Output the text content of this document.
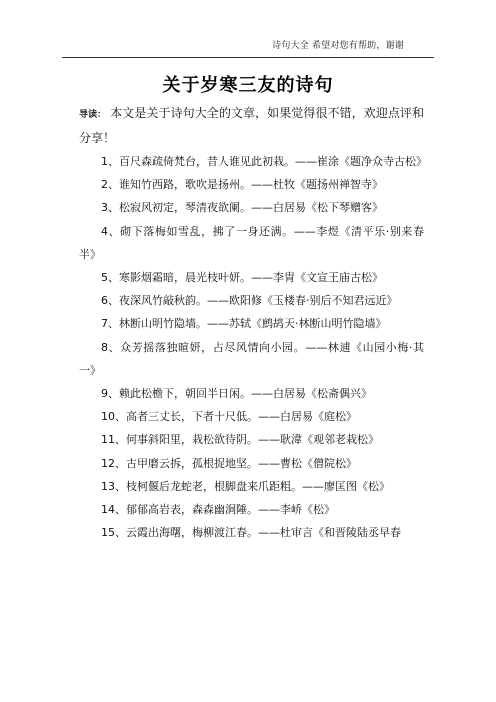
诗句大全 希望对您有帮助，谢谢
关于岁寒三友的诗句

导读： 本文是关于诗句大全的文章，如果觉得很不错，欢迎点评和分享！

1、百尺森疏倚梵台，昔人谁见此初栽。——崔涂《题净众寺古松》

2、谁知竹西路，歌吹是扬州。——杜牧《题扬州禅智寺》

3、松寂风初定，琴清夜欲阑。——白居易《松下琴赠客》

4、砌下落梅如雪乱，拂了一身还满。——李煜《清平乐·别来春半》

5、寒影烟霜暗，晨光枝叶妍。——李胄《文宣王庙古松》

6、夜深风竹敲秋韵。——欧阳修《玉楼春·别后不知君远近》

7、林断山明竹隐墙。——苏轼《鹧鸪天·林断山明竹隐墙》

8、众芳摇落独暄妍，占尽风情向小园。——林逋《山园小梅·其一》

9、赖此松檐下，朝回半日闲。——白居易《松斋偶兴》

10、高者三丈长，下者十尺低。——白居易《庭松》

11、何事斜阳里，栽松欲待阴。——耿湋《观邻老栽松》

12、古甲磨云拆，孤根捉地坚。——曹松《僧院松》

13、枝柯偃后龙蛇老，根脚盘来爪距粗。——廖匡图《松》

14、郁郁高岩表，森森幽涧陲。——李峤《松》

15、云霞出海曙，梅柳渡江春。——杜审言《和晋陵陆丞早春
